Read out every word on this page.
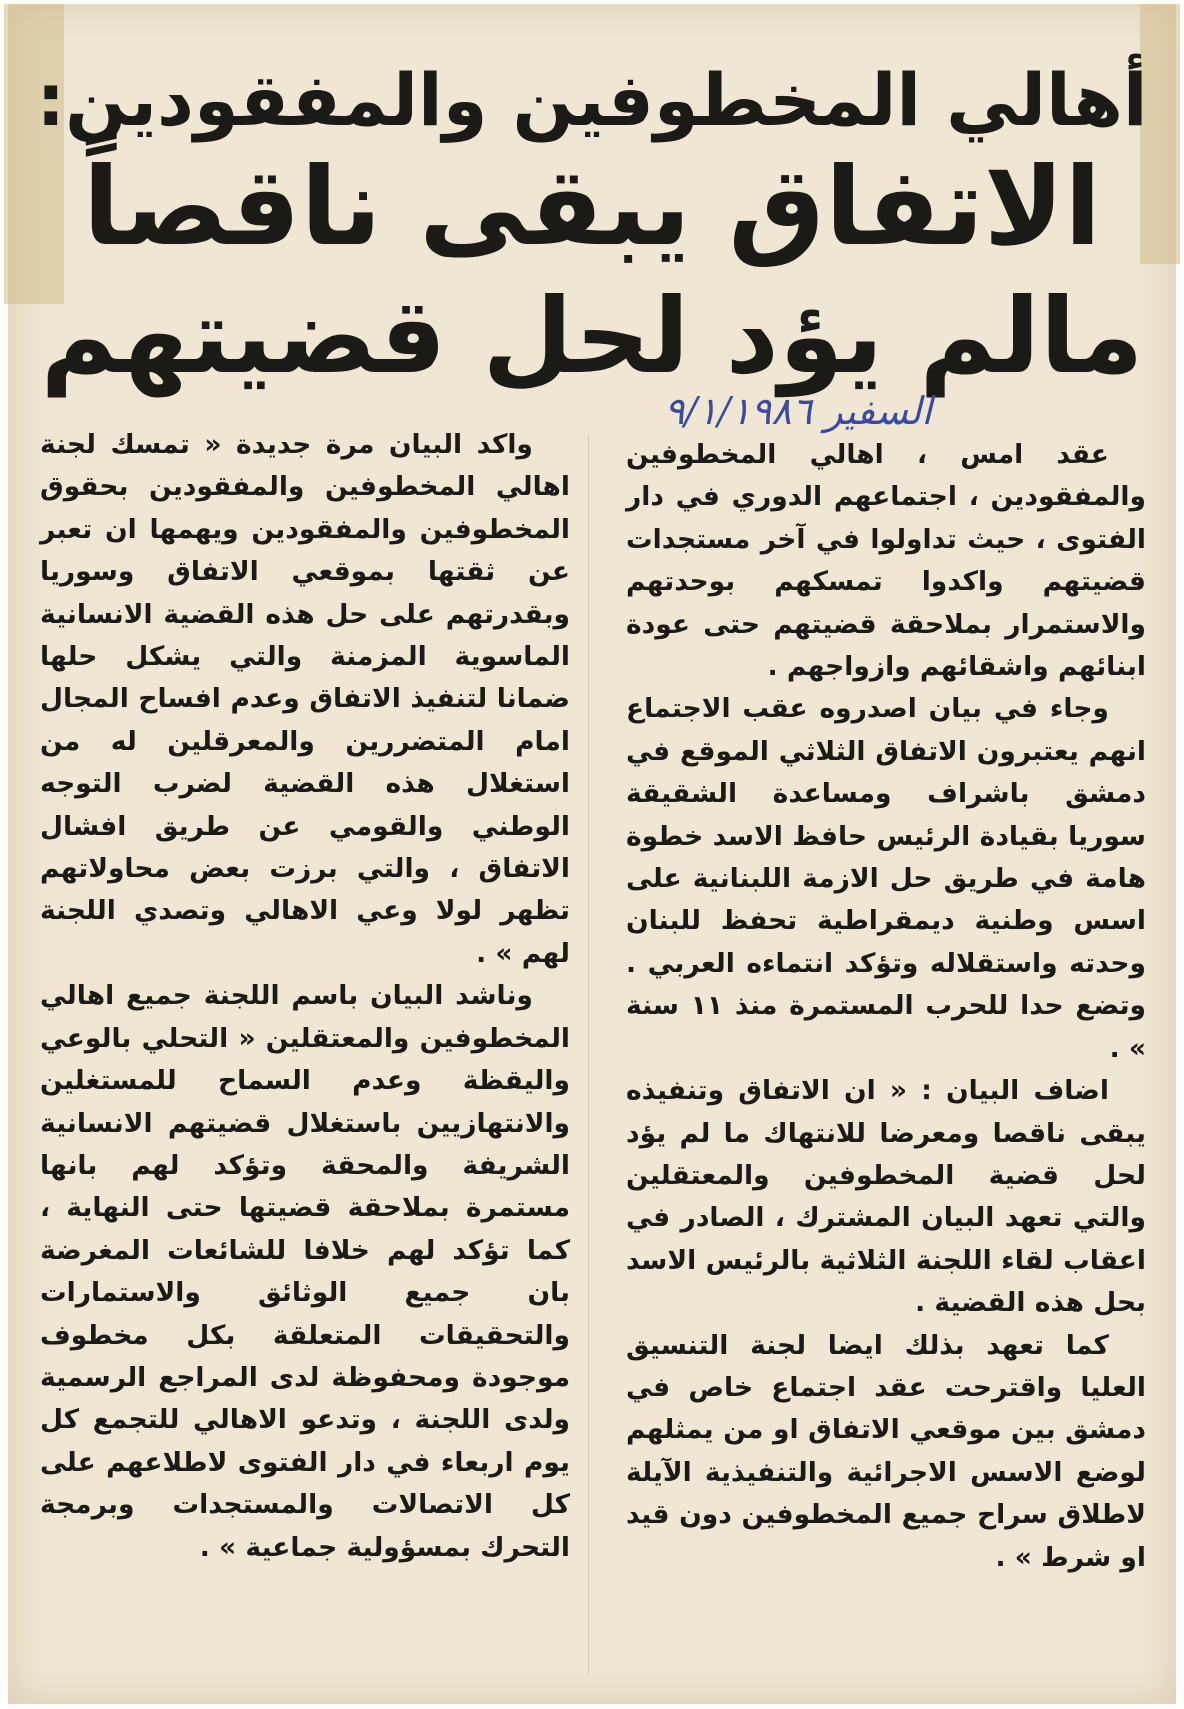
أهالي المخطوفين والمفقودين:
الاتفاق يبقى ناقصاً
مالم يؤد لحل قضيتهم
السفير ٩/١/١٩٨٦

عقد امس ، اهالي المخطوفين والمفقودين ، اجتماعهم الدوري في دار الفتوى ، حيث تداولوا في آخر مستجدات قضيتهم واكدوا تمسكهم بوحدتهم والاستمرار بملاحقة قضيتهم حتى عودة ابنائهم واشقائهم وازواجهم .

وجاء في بيان اصدروه عقب الاجتماع انهم يعتبرون الاتفاق الثلاثي الموقع في دمشق باشراف ومساعدة الشقيقة سوريا بقيادة الرئيس حافظ الاسد خطوة هامة في طريق حل الازمة اللبنانية على اسس وطنية ديمقراطية تحفظ للبنان وحدته واستقلاله وتؤكد انتماءه العربي . وتضع حدا للحرب المستمرة منذ ١١ سنة » .

اضاف البيان : « ان الاتفاق وتنفيذه يبقى ناقصا ومعرضا للانتهاك ما لم يؤد لحل قضية المخطوفين والمعتقلين والتي تعهد البيان المشترك ، الصادر في اعقاب لقاء اللجنة الثلاثية بالرئيس الاسد بحل هذه القضية .

كما تعهد بذلك ايضا لجنة التنسيق العليا واقترحت عقد اجتماع خاص في دمشق بين موقعي الاتفاق او من يمثلهم لوضع الاسس الاجرائية والتنفيذية الآيلة لاطلاق سراح جميع المخطوفين دون قيد او شرط » .

واكد البيان مرة جديدة « تمسك لجنة اهالي المخطوفين والمفقودين بحقوق المخطوفين والمفقودين ويهمها ان تعبر عن ثقتها بموقعي الاتفاق وسوريا وبقدرتهم على حل هذه القضية الانسانية الماسوية المزمنة والتي يشكل حلها ضمانا لتنفيذ الاتفاق وعدم افساح المجال امام المتضررين والمعرقلين له من استغلال هذه القضية لضرب التوجه الوطني والقومي عن طريق افشال الاتفاق ، والتي برزت بعض محاولاتهم تظهر لولا وعي الاهالي وتصدي اللجنة لهم » .

وناشد البيان باسم اللجنة جميع اهالي المخطوفين والمعتقلين « التحلي بالوعي واليقظة وعدم السماح للمستغلين والانتهازيين باستغلال قضيتهم الانسانية الشريفة والمحقة وتؤكد لهم بانها مستمرة بملاحقة قضيتها حتى النهاية ، كما تؤكد لهم خلافا للشائعات المغرضة بان جميع الوثائق والاستمارات والتحقيقات المتعلقة بكل مخطوف موجودة ومحفوظة لدى المراجع الرسمية ولدى اللجنة ، وتدعو الاهالي للتجمع كل يوم اربعاء في دار الفتوى لاطلاعهم على كل الاتصالات والمستجدات وبرمجة التحرك بمسؤولية جماعية » .
